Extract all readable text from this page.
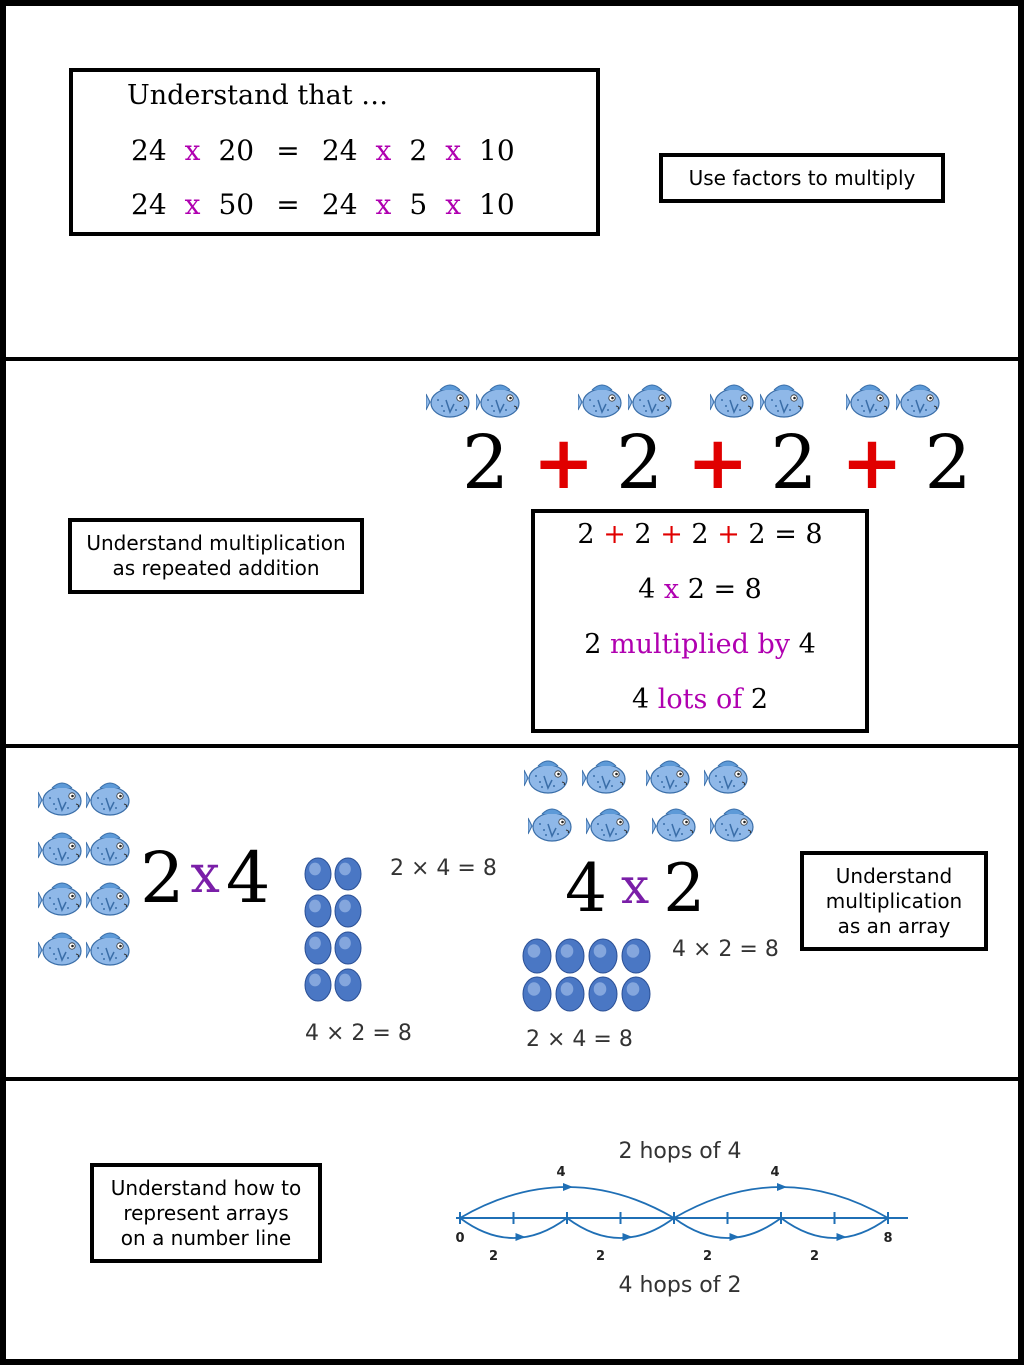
Understand that …
24 x 20 = 24 x 2 x 10
24 x 50 = 24 x 5 x 10
Use factors to multiply
Understand multiplication
as repeated addition
2 + 2 + 2 + 2
2 + 2 + 2 + 2 = 8
4 x 2 = 8
2 multiplied by 4
4 lots of 2
2 x4	2 × 4 = 8
4 × 2 = 8
4 x 2
4 × 2 = 8
2 × 4 = 8
Understand
multiplication
as an array
Understand how to
represent arrays
on a number line
2 hops of 4
4 hops of 2
4	4
2	2	2	2
0	8
